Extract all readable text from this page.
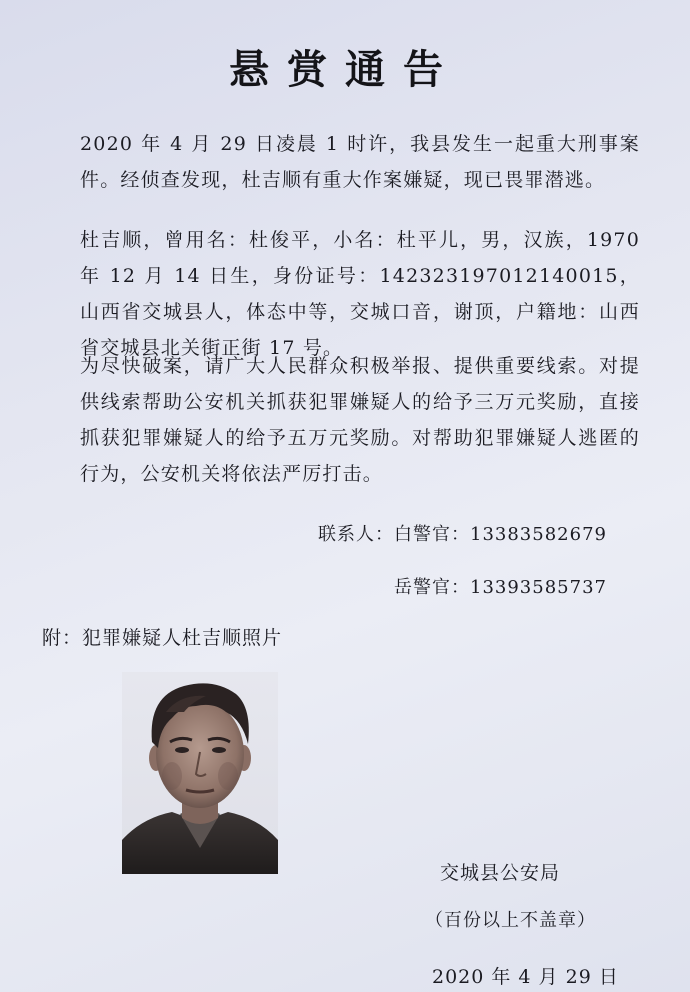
悬赏通告

2020 年 4 月 29 日凌晨 1 时许，我县发生一起重大刑事案件。经侦查发现，杜吉顺有重大作案嫌疑，现已畏罪潜逃。

杜吉顺，曾用名：杜俊平，小名：杜平儿，男，汉族，1970 年 12 月 14 日生，身份证号：142323197012140015，山西省交城县人，体态中等，交城口音，谢顶，户籍地：山西省交城县北关街正街 17 号。

为尽快破案，请广大人民群众积极举报、提供重要线索。对提供线索帮助公安机关抓获犯罪嫌疑人的给予三万元奖励，直接抓获犯罪嫌疑人的给予五万元奖励。对帮助犯罪嫌疑人逃匿的行为，公安机关将依法严厉打击。

联系人：白警官：13383582679
岳警官：13393585737
附：犯罪嫌疑人杜吉顺照片
交城县公安局
（百份以上不盖章）
2020 年 4 月 29 日
